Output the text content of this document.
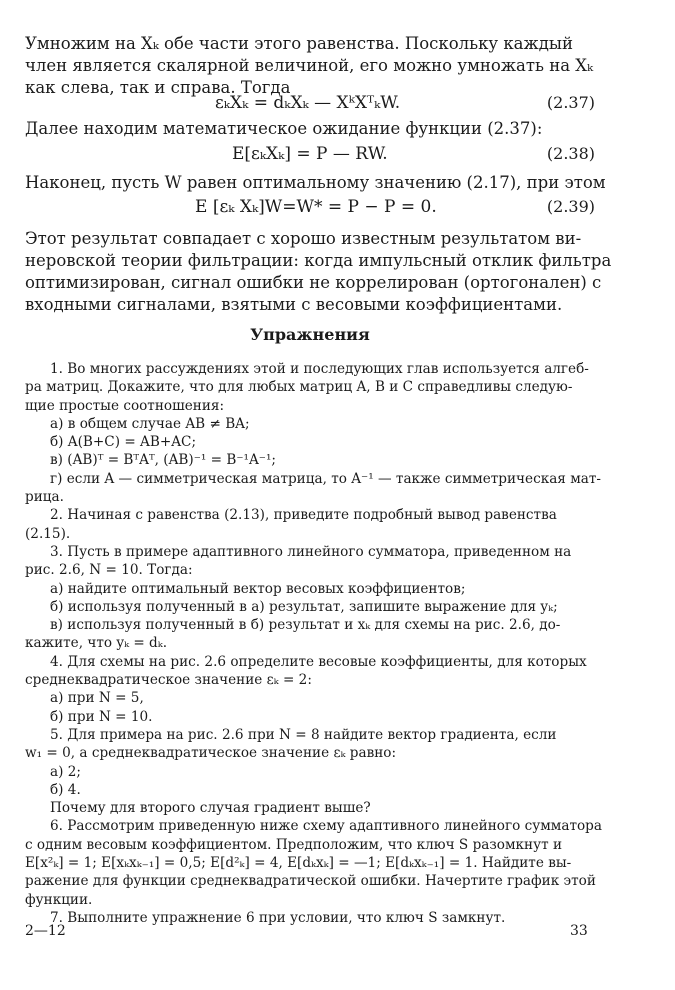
Умножим на Xₖ обе части этого равенства. Поскольку каждый
член является скалярной величиной, его можно умножать на Xₖ
как слева, так и справа. Тогда
εₖXₖ = dₖXₖ — XᵏXᵀₖW.	(2.37)
Далее находим математическое ожидание функции (2.37):
E[εₖXₖ] = P — RW.	(2.38)
Наконец, пусть W равен оптимальному значению (2.17), при этом
E [εₖ Xₖ]W=W* = P − P = 0.	(2.39)
Этот результат совпадает с хорошо известным результатом ви-
неровской теории фильтрации: когда импульсный отклик фильтра
оптимизирован, сигнал ошибки не коррелирован (ортогонален) с
входными сигналами, взятыми с весовыми коэффициентами.
Упражнения
1. Во многих рассуждениях этой и последующих глав используется алгеб-
ра матриц. Докажите, что для любых матриц A, B и C справедливы следую-
щие простые соотношения:
а) в общем случае AB ≠ BA;
б) A(B+C) = AB+AC;
в) (AB)ᵀ = BᵀAᵀ, (AB)⁻¹ = B⁻¹A⁻¹;
г) если A — симметрическая матрица, то A⁻¹ — также симметрическая мат-
рица.
2. Начиная с равенства (2.13), приведите подробный вывод равенства
(2.15).
3. Пусть в примере адаптивного линейного сумматора, приведенном на
рис. 2.6, N = 10. Тогда:
а) найдите оптимальный вектор весовых коэффициентов;
б) используя полученный в а) результат, запишите выражение для yₖ;
в) используя полученный в б) результат и xₖ для схемы на рис. 2.6, до-
кажите, что yₖ = dₖ.
4. Для схемы на рис. 2.6 определите весовые коэффициенты, для которых
среднеквадратическое значение εₖ = 2:
а) при N = 5,
б) при N = 10.
5. Для примера на рис. 2.6 при N = 8 найдите вектор градиента, если
w₁ = 0, а среднеквадратическое значение εₖ равно:
а) 2;
б) 4.
Почему для второго случая градиент выше?
6. Рассмотрим приведенную ниже схему адаптивного линейного сумматора
с одним весовым коэффициентом. Предположим, что ключ S разомкнут и
E[x²ₖ] = 1; E[xₖxₖ₋₁] = 0,5; E[d²ₖ] = 4, E[dₖxₖ] = —1; E[dₖxₖ₋₁] = 1. Найдите вы-
ражение для функции среднеквадратической ошибки. Начертите график этой
функции.
7. Выполните упражнение 6 при условии, что ключ S замкнут.
2—12	33
